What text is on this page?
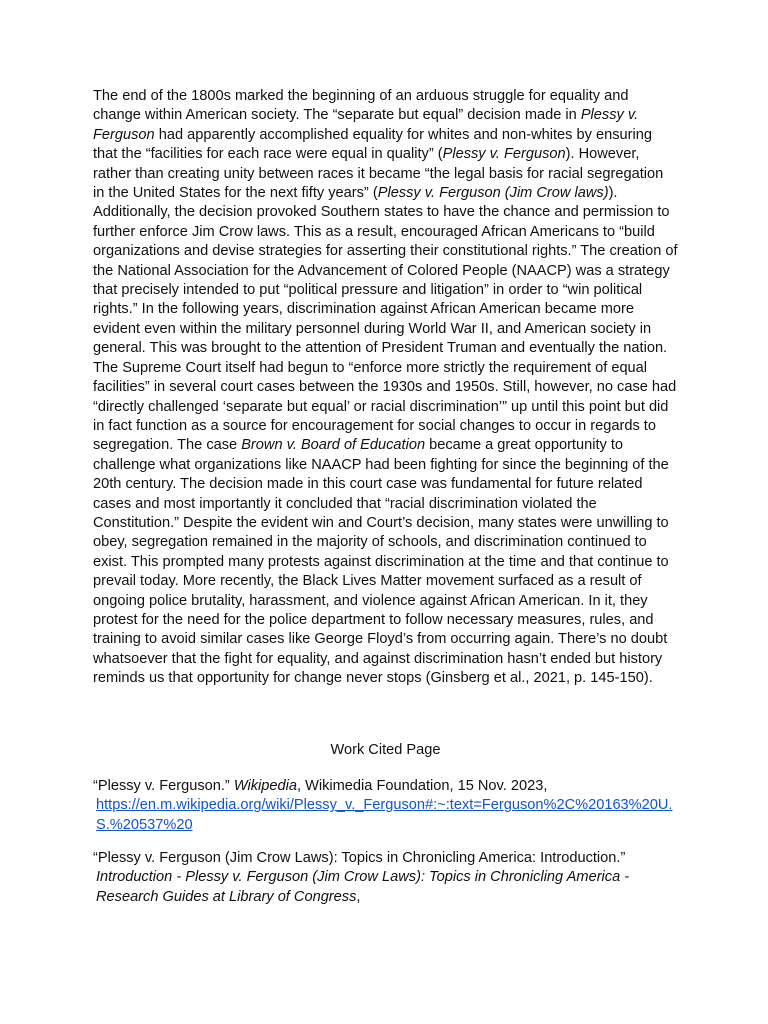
The end of the 1800s marked the beginning of an arduous struggle for equality and change within American society. The “separate but equal” decision made in Plessy v. Ferguson had apparently accomplished equality for whites and non-whites by ensuring that the “facilities for each race were equal in quality” (Plessy v. Ferguson). However, rather than creating unity between races it became “the legal basis for racial segregation in the United States for the next fifty years” (Plessy v. Ferguson (Jim Crow laws)). Additionally, the decision provoked Southern states to have the chance and permission to further enforce Jim Crow laws. This as a result, encouraged African Americans to “build organizations and devise strategies for asserting their constitutional rights.” The creation of the National Association for the Advancement of Colored People (NAACP) was a strategy that precisely intended to put “political pressure and litigation” in order to “win political rights.” In the following years, discrimination against African American became more evident even within the military personnel during World War II, and American society in general. This was brought to the attention of President Truman and eventually the nation. The Supreme Court itself had begun to “enforce more strictly the requirement of equal facilities” in several court cases between the 1930s and 1950s. Still, however, no case had “directly challenged ‘separate but equal’ or racial discrimination’” up until this point but did in fact function as a source for encouragement for social changes to occur in regards to segregation. The case Brown v. Board of Education became a great opportunity to challenge what organizations like NAACP had been fighting for since the beginning of the 20th century. The decision made in this court case was fundamental for future related cases and most importantly it concluded that “racial discrimination violated the Constitution.” Despite the evident win and Court’s decision, many states were unwilling to obey, segregation remained in the majority of schools, and discrimination continued to exist. This prompted many protests against discrimination at the time and that continue to prevail today. More recently, the Black Lives Matter movement surfaced as a result of ongoing police brutality, harassment, and violence against African American. In it, they protest for the need for the police department to follow necessary measures, rules, and training to avoid similar cases like George Floyd’s from occurring again. There’s no doubt whatsoever that the fight for equality, and against discrimination hasn’t ended but history reminds us that opportunity for change never stops (Ginsberg et al., 2021, p. 145-150).

Work Cited Page

“Plessy v. Ferguson.” Wikipedia, Wikimedia Foundation, 15 Nov. 2023,
https://en.m.wikipedia.org/wiki/Plessy_v._Ferguson#:~:text=Ferguson%2C%20163%20U.S.%20537%20

“Plessy v. Ferguson (Jim Crow Laws): Topics in Chronicling America: Introduction.”
Introduction - Plessy v. Ferguson (Jim Crow Laws): Topics in Chronicling America - Research Guides at Library of Congress,
